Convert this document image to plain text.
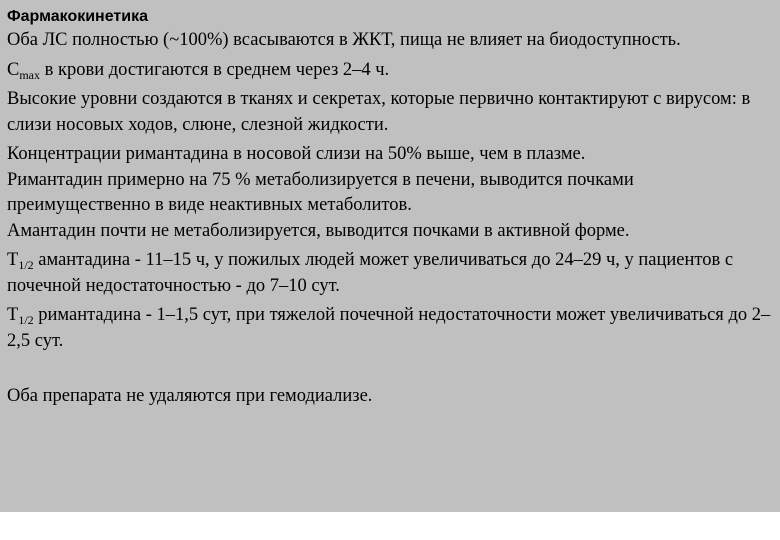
Фармакокинетика
Оба ЛС полностью (~100%) всасываются в ЖКТ, пища не влияет на биодоступность.
$C_{max}$ в крови достигаются в среднем через 2–4 ч.
Высокие уровни создаются в тканях и секретах, которые первично контактируют с вирусом: в слизи носовых ходов, слюне, слезной жидкости.
Концентрации римантадина в носовой слизи на 50% выше, чем в плазме.
Римантадин примерно на 75 % метаболизируется в печени, выводится почками преимущественно в виде неактивных метаболитов.
Амантадин почти не метаболизируется, выводится почками в активной форме.
$T_{1/2}$ амантадина - 11–15 ч, у пожилых людей может увеличиваться до 24–29 ч, у пациентов с почечной недостаточностью - до 7–10 сут.
$T_{1/2}$ римантадина - 1–1,5 сут, при тяжелой почечной недостаточности может увеличиваться до 2–2,5 сут.
Оба препарата не удаляются при гемодиализе.
